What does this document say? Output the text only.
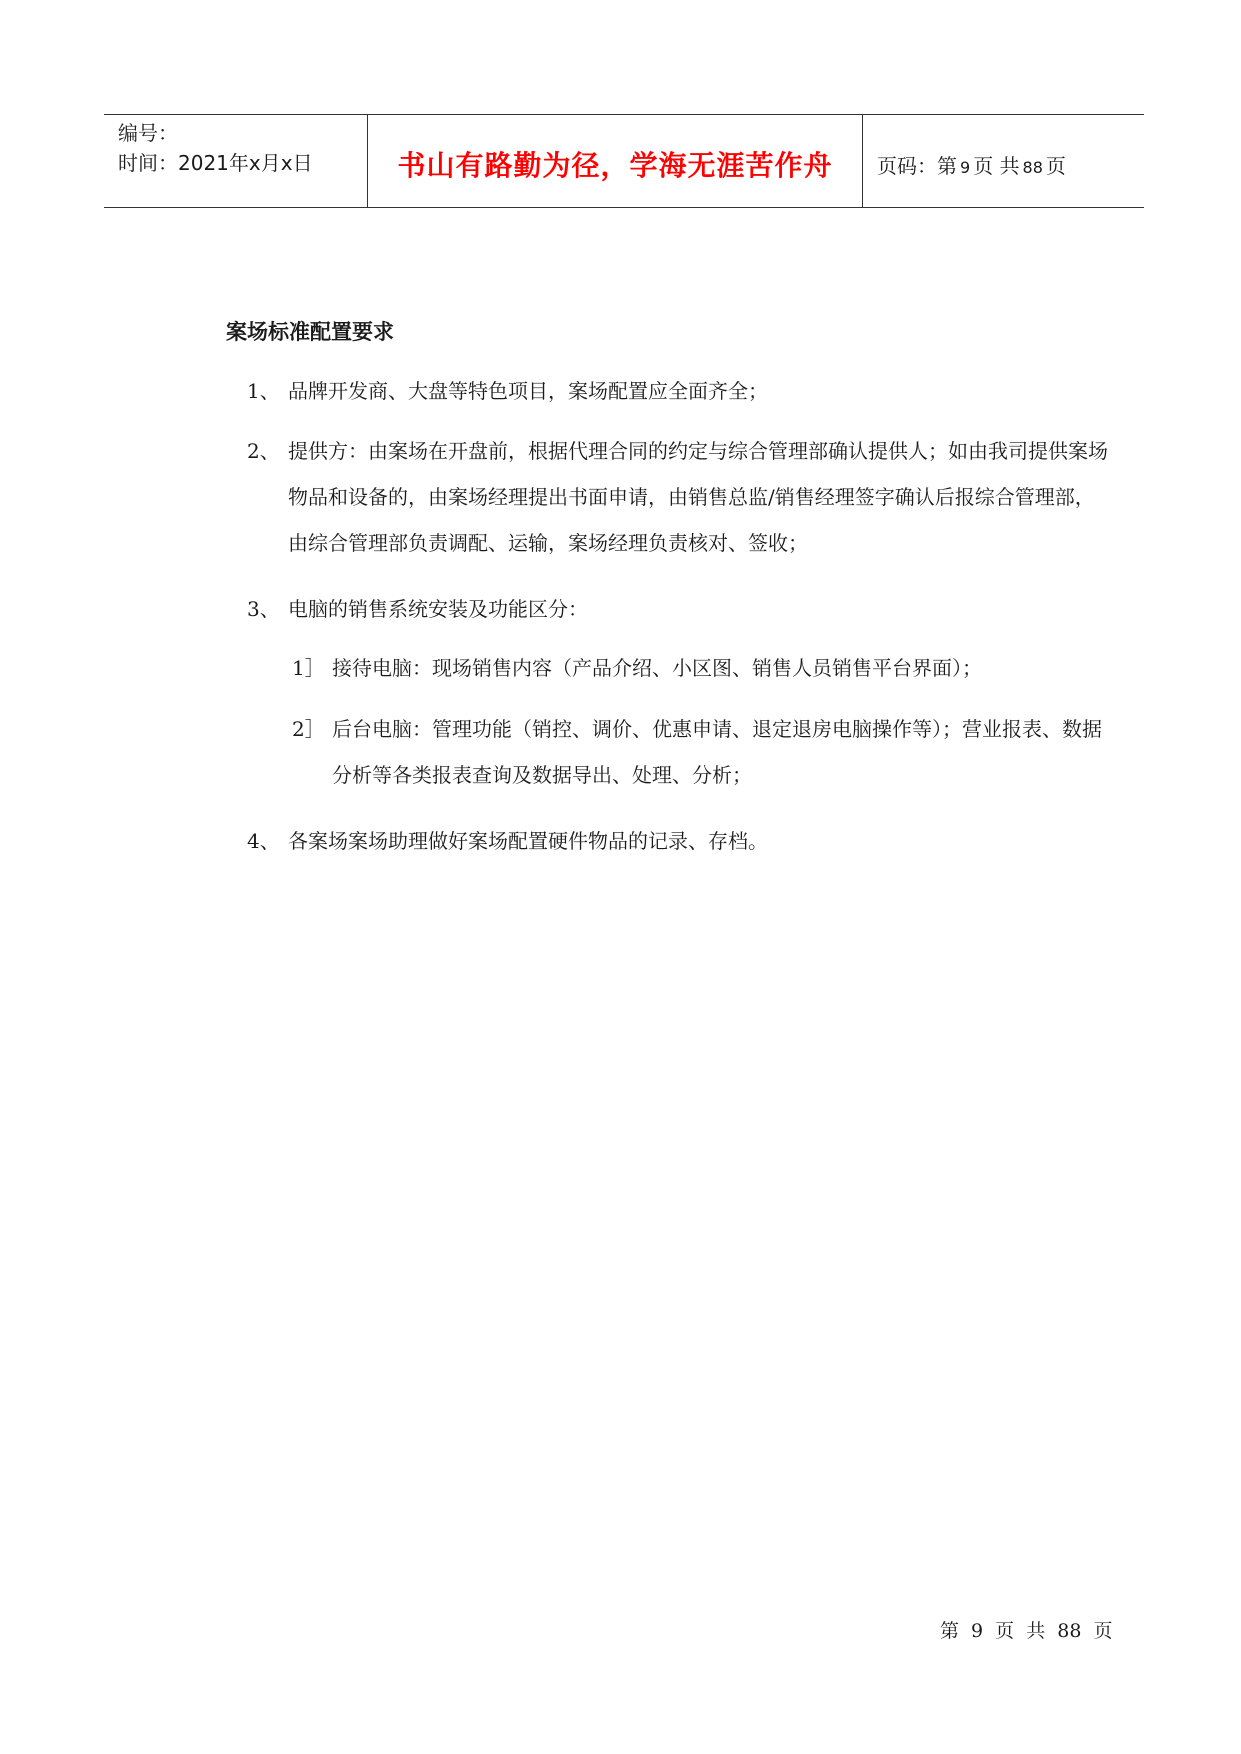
编号：
时间：2021年x月x日	书山有路勤为径，学海无涯苦作舟	页码：第 9 页 共 88 页
案场标准配置要求
1、 品牌开发商、大盘等特色项目，案场配置应全面齐全；
2、 提供方：由案场在开盘前，根据代理合同的约定与综合管理部确认提供人；如由我司提供案场物品和设备的，由案场经理提出书面申请，由销售总监/销售经理签字确认后报综合管理部，由综合管理部负责调配、运输，案场经理负责核对、签收；
3、 电脑的销售系统安装及功能区分：
1］ 接待电脑：现场销售内容（产品介绍、小区图、销售人员销售平台界面）；
2］ 后台电脑：管理功能（销控、调价、优惠申请、退定退房电脑操作等）；营业报表、数据分析等各类报表查询及数据导出、处理、分析；
4、 各案场案场助理做好案场配置硬件物品的记录、存档。
第 9 页 共 88 页
